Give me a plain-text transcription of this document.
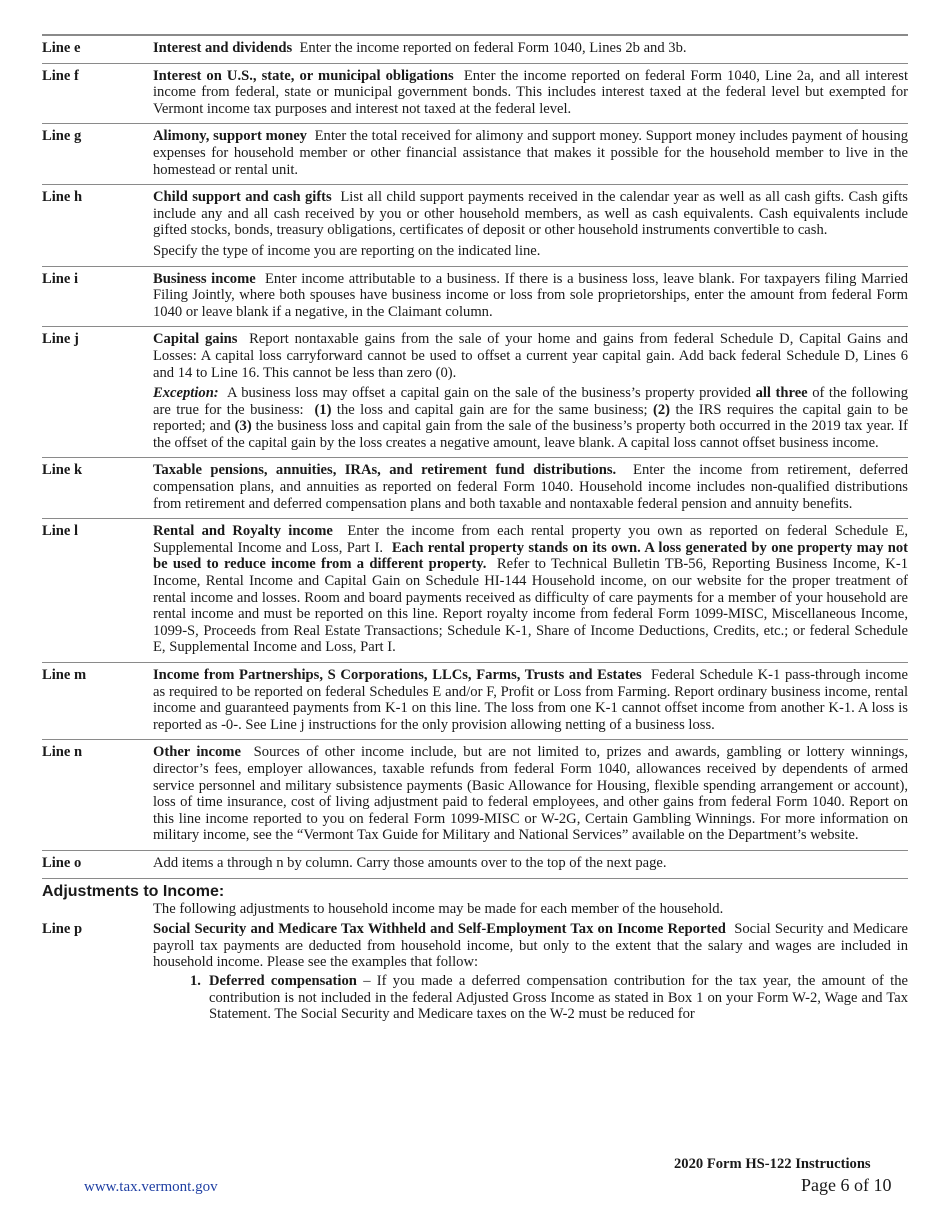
Line e	Interest and dividends Enter the income reported on federal Form 1040, Lines 2b and 3b.
Line f	Interest on U.S., state, or municipal obligations Enter the income reported on federal Form 1040, Line 2a, and all interest income from federal, state or municipal government bonds. This includes interest taxed at the federal level but exempted for Vermont income tax purposes and interest not taxed at the federal level.
Line g	Alimony, support money Enter the total received for alimony and support money. Support money includes payment of housing expenses for household member or other financial assistance that makes it possible for the household member to live in the homestead or rental unit.
Line h	Child support and cash gifts List all child support payments received in the calendar year as well as all cash gifts. Cash gifts include any and all cash received by you or other household members, as well as cash equivalents. Cash equivalents include gifted stocks, bonds, treasury obligations, certificates of deposit or other household instruments convertible to cash.

Specify the type of income you are reporting on the indicated line.

Line i	Business income Enter income attributable to a business. If there is a business loss, leave blank. For taxpayers filing Married Filing Jointly, where both spouses have business income or loss from sole proprietorships, enter the amount from federal Form 1040 or leave blank if a negative, in the Claimant column.
Line j	Capital gains Report nontaxable gains from the sale of your home and gains from federal Schedule D, Capital Gains and Losses: A capital loss carryforward cannot be used to offset a current year capital gain. Add back federal Schedule D, Lines 6 and 14 to Line 16. This cannot be less than zero (0).

Exception: A business loss may offset a capital gain on the sale of the business’s property provided all three of the following are true for the business: (1) the loss and capital gain are for the same business; (2) the IRS requires the capital gain to be reported; and (3) the business loss and capital gain from the sale of the business’s property both occurred in the 2019 tax year. If the offset of the capital gain by the loss creates a negative amount, leave blank. A capital loss cannot offset business income.

Line k	Taxable pensions, annuities, IRAs, and retirement fund distributions. Enter the income from retirement, deferred compensation plans, and annuities as reported on federal Form 1040. Household income includes non-qualified distributions from retirement and deferred compensation plans and both taxable and nontaxable federal pension and annuity benefits.
Line l	Rental and Royalty income Enter the income from each rental property you own as reported on federal Schedule E, Supplemental Income and Loss, Part I. Each rental property stands on its own. A loss generated by one property may not be used to reduce income from a different property. Refer to Technical Bulletin TB-56, Reporting Business Income, K-1 Income, Rental Income and Capital Gain on Schedule HI-144 Household income, on our website for the proper treatment of rental income and losses. Room and board payments received as difficulty of care payments for a member of your household are rental income and must be reported on this line. Report royalty income from federal Form 1099-MISC, Miscellaneous Income, 1099-S, Proceeds from Real Estate Transactions; Schedule K-1, Share of Income Deductions, Credits, etc.; or federal Schedule E, Supplemental Income and Loss, Part I.
Line m	Income from Partnerships, S Corporations, LLCs, Farms, Trusts and Estates Federal Schedule K-1 pass-through income as required to be reported on federal Schedules E and/or F, Profit or Loss from Farming. Report ordinary business income, rental income and guaranteed payments from K-1 on this line. The loss from one K-1 cannot offset income from another K-1. A loss is reported as -0-. See Line j instructions for the only provision allowing netting of a business loss.
Line n	Other income Sources of other income include, but are not limited to, prizes and awards, gambling or lottery winnings, director’s fees, employer allowances, taxable refunds from federal Form 1040, allowances received by dependents of armed service personnel and military subsistence payments (Basic Allowance for Housing, flexible spending arrangement or account), loss of time insurance, cost of living adjustment paid to federal employees, and other gains from federal Form 1040. Report on this line income reported to you on federal Form 1099-MISC or W-2G, Certain Gambling Winnings. For more information on military income, see the “Vermont Tax Guide for Military and National Services” available on the Department’s website.
Line o	Add items a through n by column. Carry those amounts over to the top of the next page.
Adjustments to Income:
The following adjustments to household income may be made for each member of the household.
Line p	Social Security and Medicare Tax Withheld and Self-Employment Tax on Income Reported Social Security and Medicare payroll tax payments are deducted from household income, but only to the extent that the salary and wages are included in household income. Please see the examples that follow:
1. Deferred compensation – If you made a deferred compensation contribution for the tax year, the amount of the contribution is not included in the federal Adjusted Gross Income as stated in Box 1 on your Form W-2, Wage and Tax Statement. The Social Security and Medicare taxes on the W-2 must be reduced for
2020 Form HS-122 Instructions
www.tax.vermont.gov	Page 6 of 10
